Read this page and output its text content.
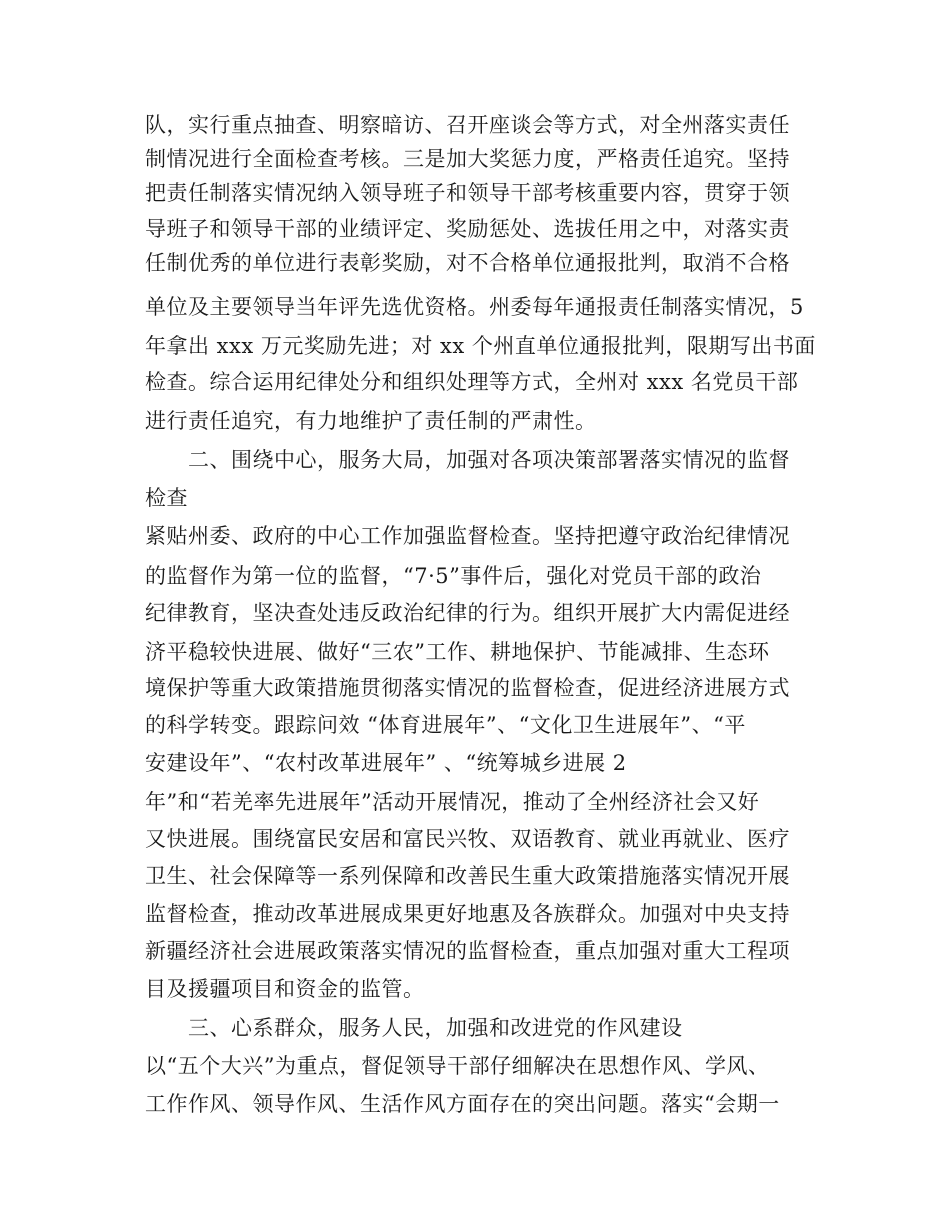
队，实行重点抽查、明察暗访、召开座谈会等方式，对全州落实责任
制情况进行全面检查考核。三是加大奖惩力度，严格责任追究。坚持
把责任制落实情况纳入领导班子和领导干部考核重要内容，贯穿于领
导班子和领导干部的业绩评定、奖励惩处、选拔任用之中，对落实责
任制优秀的单位进行表彰奖励，对不合格单位通报批判，取消不合格
单位及主要领导当年评先选优资格。州委每年通报责任制落实情况，5
年拿出 xxx 万元奖励先进；对 xx 个州直单位通报批判，限期写出书面
检查。综合运用纪律处分和组织处理等方式，全州对 xxx 名党员干部
进行责任追究，有力地维护了责任制的严肃性。
二、围绕中心，服务大局，加强对各项决策部署落实情况的监督
检查
紧贴州委、政府的中心工作加强监督检查。坚持把遵守政治纪律情况
的监督作为第一位的监督，“7·5”事件后，强化对党员干部的政治
纪律教育，坚决查处违反政治纪律的行为。组织开展扩大内需促进经
济平稳较快进展、做好“三农”工作、耕地保护、节能减排、生态环
境保护等重大政策措施贯彻落实情况的监督检查，促进经济进展方式
的科学转变。跟踪问效 “体育进展年”、“文化卫生进展年”、“平
安建设年”、“农村改革进展年” 、“统筹城乡进展 2
年”和“若羌率先进展年”活动开展情况，推动了全州经济社会又好
又快进展。围绕富民安居和富民兴牧、双语教育、就业再就业、医疗
卫生、社会保障等一系列保障和改善民生重大政策措施落实情况开展
监督检查，推动改革进展成果更好地惠及各族群众。加强对中央支持
新疆经济社会进展政策落实情况的监督检查，重点加强对重大工程项
目及援疆项目和资金的监管。
三、心系群众，服务人民，加强和改进党的作风建设
以“五个大兴”为重点，督促领导干部仔细解决在思想作风、学风、
工作作风、领导作风、生活作风方面存在的突出问题。落实“会期一
